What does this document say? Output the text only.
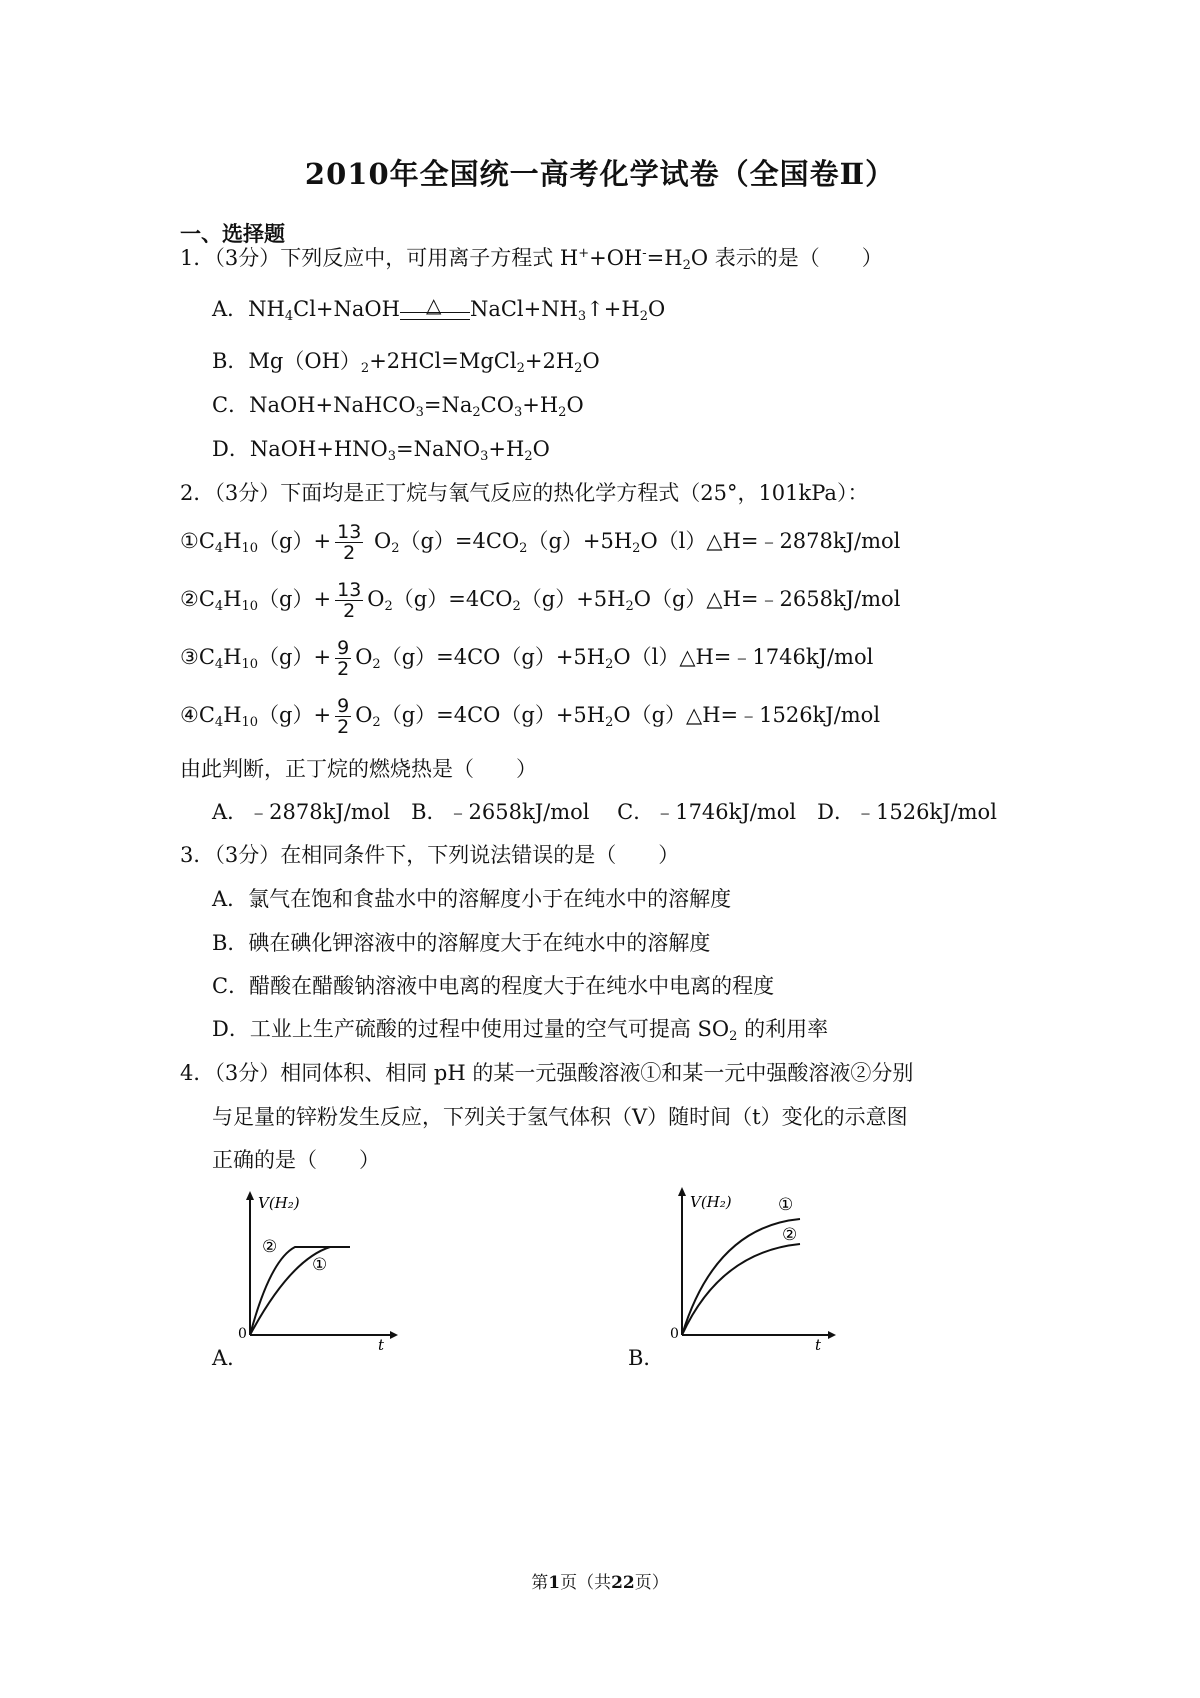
2010年全国统一高考化学试卷（全国卷Ⅱ）
一、选择题
1．（3分）下列反应中，可用离子方程式 $H^++OH^-=H_2O$ 表示的是（　　）
A．$NH_4Cl+NaOH$ △ $NaCl+NH_3↑+H_2O$
B．$Mg(OH)_2+2HCl=MgCl_2+2H_2O$
C．$NaOH+NaHCO_3=Na_2CO_3+H_2O$
D．$NaOH+HNO_3=NaNO_3+H_2O$
2．（3分）下面均是正丁烷与氧气反应的热化学方程式（25°，101kPa）：
$①C_4H_{10}(g)+ \frac{13}{2}$ $O_2(g)=4CO_2(g)+5H_2O(l)\triangle H=﹣2878kJ$/mol
$②C_4H_{10}(g)+ \frac{13}{2}$ $O_2(g)=4CO_2(g)+5H_2O(g)\triangle H=﹣2658kJ$/mol
$③C_4H_{10}(g)+ \frac{9}{2}$ $O_2(g)=4CO(g)+5H_2O(l)\triangle H=﹣1746kJ$/mol
$④C_4H_{10}(g)+ \frac{9}{2}$ $O_2(g)=4CO(g)+5H_2O(g)\triangle H=﹣1526kJ$/mol
由此判断，正丁烷的燃烧热是（　　）
A．﹣2878kJ/mol　B．﹣2658kJ/mol　 C．﹣1746kJ/mol　D．﹣1526kJ/mol
3．（3分）在相同条件下，下列说法错误的是（　　）
A．氯气在饱和食盐水中的溶解度小于在纯水中的溶解度
B．碘在碘化钾溶液中的溶解度大于在纯水中的溶解度
C．醋酸在醋酸钠溶液中电离的程度大于在纯水中电离的程度
D．工业上生产硫酸的过程中使用过量的空气可提高 $SO_2$ 的利用率
4．（3分）相同体积、相同 pH 的某一元强酸溶液①和某一元中强酸溶液②分别
与足量的锌粉发生反应，下列关于氢气体积（V）随时间（t）变化的示意图
正确的是（　　）
A．
V(H₂)
t
0
②
①
B．
V(H₂)
t
0
①
②
第1页（共22页）
